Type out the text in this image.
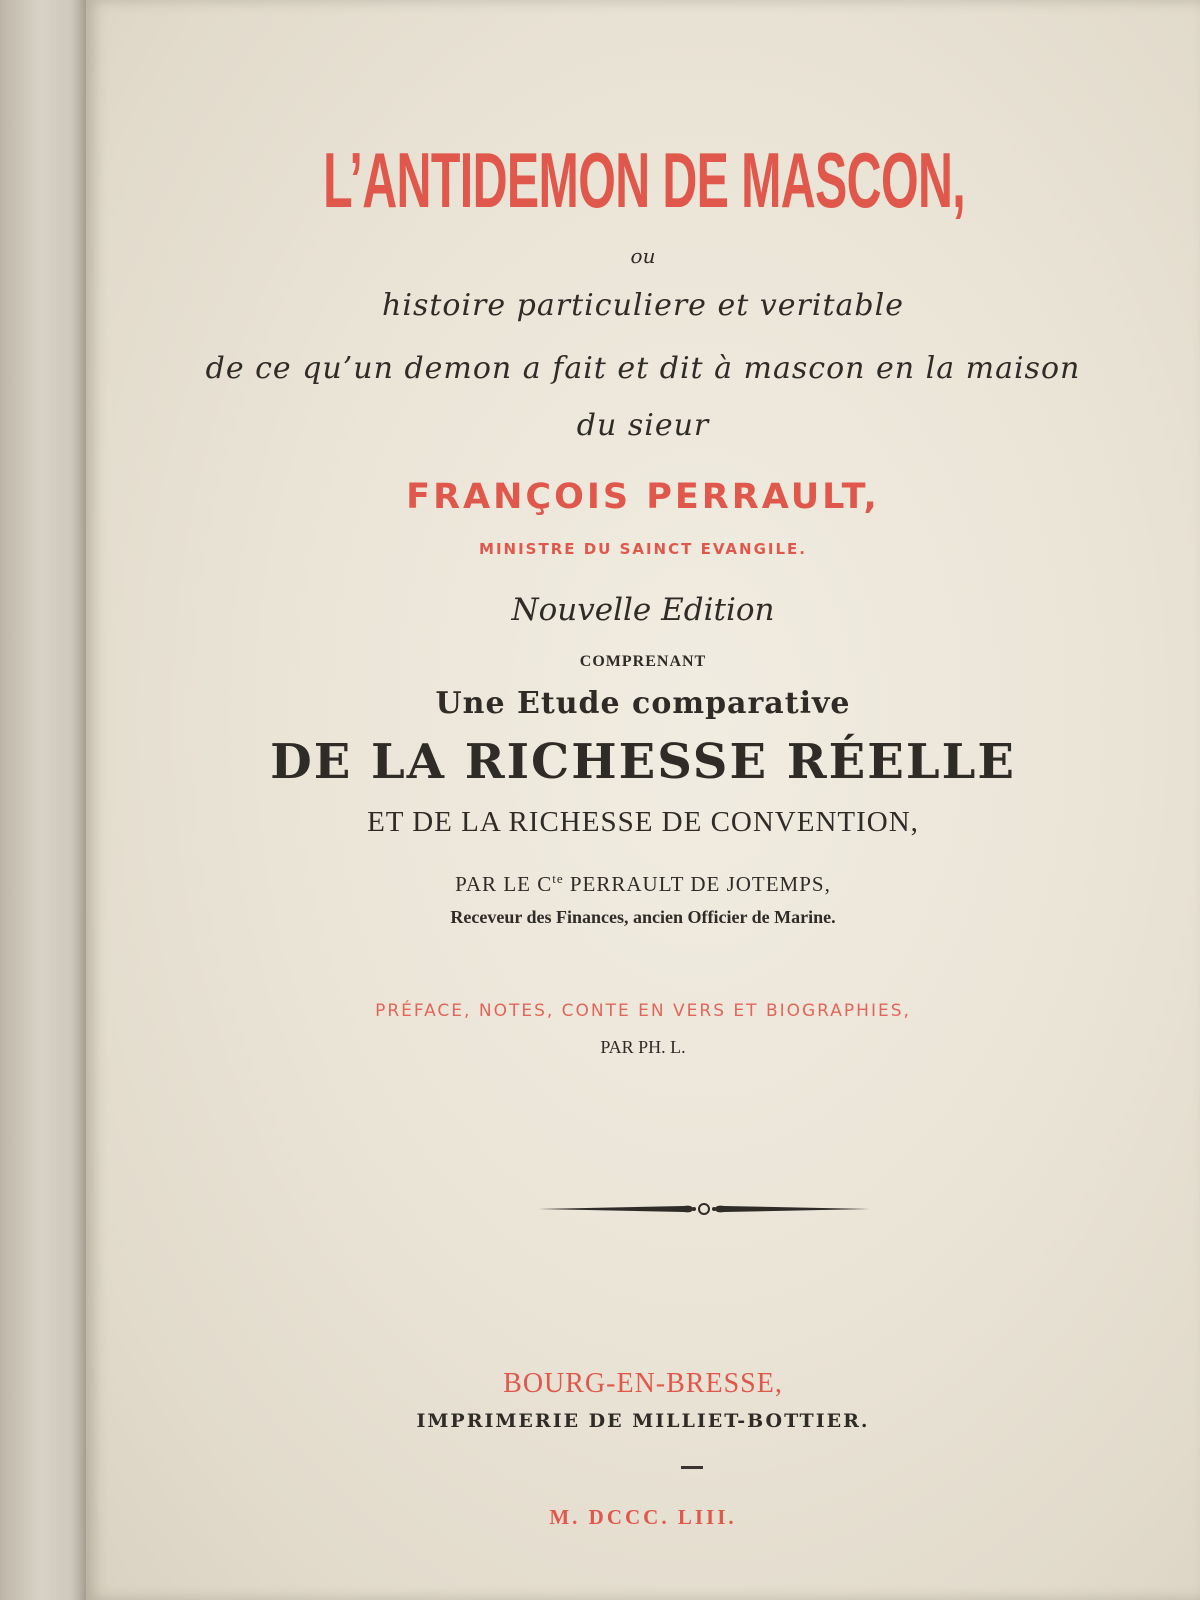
L’ANTIDEMON DE MASCON,
ou
histoire particuliere et veritable
de ce qu’un demon a fait et dit à mascon en la maison
du sieur
FRANÇOIS PERRAULT,
MINISTRE DU SAINCT EVANGILE.
Nouvelle Edition
COMPRENANT
Une Etude comparative
DE LA RICHESSE RÉELLE
ET DE LA RICHESSE DE CONVENTION,
PAR LE $C^{te}$ PERRAULT DE JOTEMPS,
Receveur des Finances, ancien Officier de Marine.
PRÉFACE, NOTES, CONTE EN VERS ET BIOGRAPHIES,
PAR PH. L.
BOURG-EN-BRESSE,
IMPRIMERIE DE MILLIET-BOTTIER.
M. DCCC. LIII.
